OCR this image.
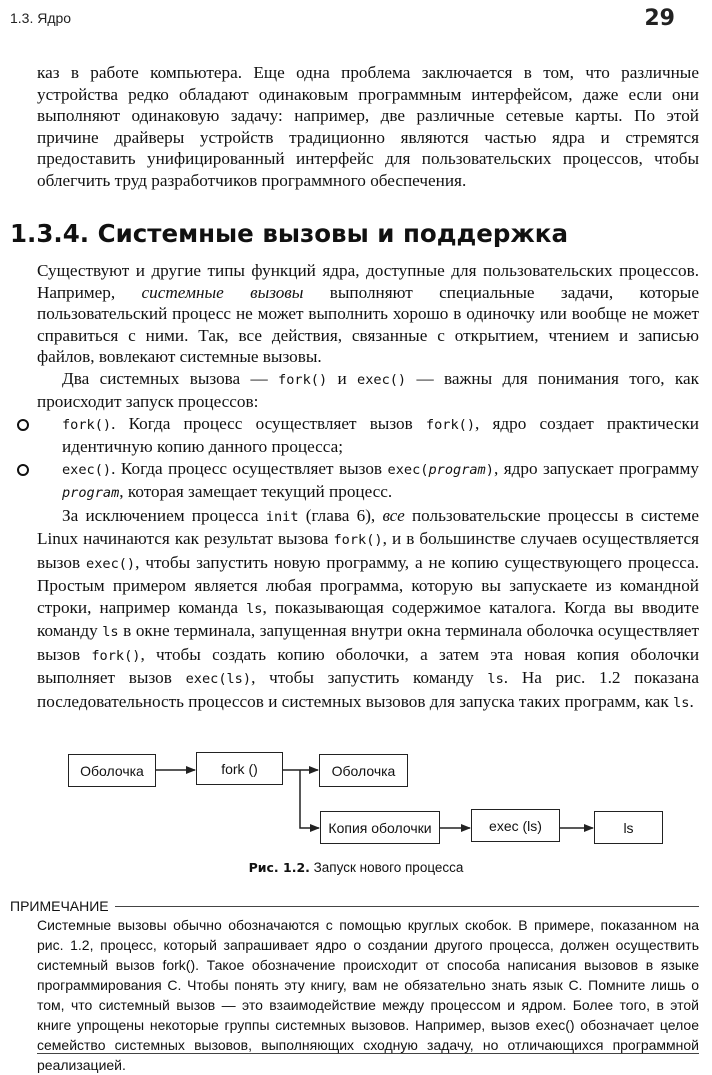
1.3. Ядро	29

каз в работе компьютера. Еще одна проблема заключается в том, что различные устройства редко обладают одинаковым программным интерфейсом, даже если они выполняют одинаковую задачу: например, две различные сетевые карты. По этой причине драйверы устройств традиционно являются частью ядра и стремятся предоставить унифицированный интерфейс для пользовательских процессов, чтобы облегчить труд разработчиков программного обеспечения.

1.3.4. Системные вызовы и поддержка

Существуют и другие типы функций ядра, доступные для пользовательских процессов. Например, системные вызовы выполняют специальные задачи, которые пользовательский процесс не может выполнить хорошо в одиночку или вообще не может справиться с ними. Так, все действия, связанные с открытием, чтением и записью файлов, вовлекают системные вызовы.

Два системных вызова — fork() и exec() — важны для понимания того, как происходит запуск процессов:

fork(). Когда процесс осуществляет вызов fork(), ядро создает практически идентичную копию данного процесса;
exec(). Когда процесс осуществляет вызов exec(program), ядро запускает программу program, которая замещает текущий процесс.

За исключением процесса init (глава 6), все пользовательские процессы в системе Linux начинаются как результат вызова fork(), и в большинстве случаев осуществляется вызов exec(), чтобы запустить новую программу, а не копию существующего процесса. Простым примером является любая программа, которую вы запускаете из командной строки, например команда ls, показывающая содержимое каталога. Когда вы вводите команду ls в окне терминала, запущенная внутри окна терминала оболочка осуществляет вызов fork(), чтобы создать копию оболочки, а затем эта новая копия оболочки выполняет вызов exec(ls), чтобы запустить команду ls. На рис. 1.2 показана последовательность процессов и системных вызовов для запуска таких программ, как ls.

Оболочка	fork ()	Оболочка
Копия оболочки	exec (ls)	ls
Рис. 1.2. Запуск нового процесса
ПРИМЕЧАНИЕ

Системные вызовы обычно обозначаются с помощью круглых скобок. В примере, показанном на рис. 1.2, процесс, который запрашивает ядро о создании другого процесса, должен осуществить системный вызов fork(). Такое обозначение происходит от способа написания вызовов в языке программирования C. Чтобы понять эту книгу, вам не обязательно знать язык C. Помните лишь о том, что системный вызов — это взаимодействие между процессом и ядром. Более того, в этой книге упрощены некоторые группы системных вызовов. Например, вызов exec() обозначает целое семейство системных вызовов, выполняющих сходную задачу, но отличающихся программной реализацией.
